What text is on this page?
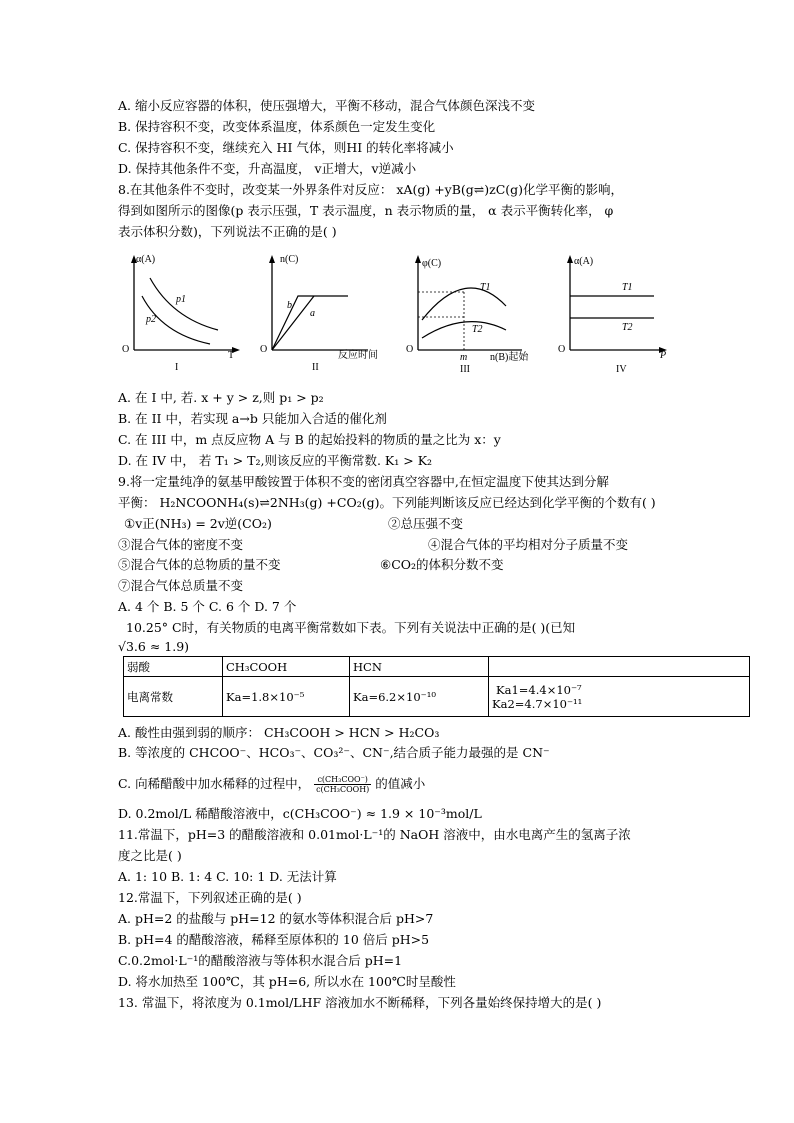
A. 缩小反应容器的体积，使压强增大，平衡不移动，混合气体颜色深浅不变
B. 保持容积不变，改变体系温度，体系颜色一定发生变化
C. 保持容积不变，继续充入 HI 气体，则HI 的转化率将减小
D. 保持其他条件不变，升高温度， v正增大，v逆减小
8.在其他条件不变时，改变某一外界条件对反应： xA(g) +yB(g⇌)zC(g)化学平衡的影响，
得到如图所示的图像(p 表示压强，T 表示温度，n 表示物质的量， α 表示平衡转化率， φ
表示体积分数)，下列说法不正确的是( )
α(A)
O
T
p1
p2
I
n(C)
O
反应时间
b
a
II
φ(C)
O
m n(B)起始
T1
T2
III
α(A)
O
P
T1
T2
IV
A. 在 I 中, 若. x + y > z,则 p₁ > p₂
B. 在 II 中，若实现 a→b 只能加入合适的催化剂
C. 在 III 中，m 点反应物 A 与 B 的起始投料的物质的量之比为 x：y
D. 在 IV 中， 若 T₁ > T₂,则该反应的平衡常数. K₁ > K₂
9.将一定量纯净的氨基甲酸铵置于体积不变的密闭真空容器中,在恒定温度下使其达到分解
平衡： H₂NCOONH₄(s)⇌2NH₃(g) +CO₂(g)。下列能判断该反应已经达到化学平衡的个数有( )
①v正(NH₃) = 2v逆(CO₂)	②总压强不变
③混合气体的密度不变	④混合气体的平均相对分子质量不变
⑤混合气体的总物质的量不变	⑥CO₂的体积分数不变
⑦混合气体总质量不变
A. 4 个 B. 5 个 C. 6 个 D. 7 个
10.25° C时，有关物质的电离平衡常数如下表。下列有关说法中正确的是( )(已知
√3.6 ≈ 1.9)
弱酸	CH₃COOH	HCN	
电离常数	Ka=1.8×10⁻⁵	Ka=6.2×10⁻¹⁰	Ka1=4.4×10⁻⁷
Ka2=4.7×10⁻¹¹
A. 酸性由强到弱的顺序： CH₃COOH > HCN > H₂CO₃
B. 等浓度的 CHCOO⁻、HCO₃⁻、CO₃²⁻、CN⁻,结合质子能力最强的是 CN⁻
C. 向稀醋酸中加水稀释的过程中， $\frac{\text{c(CH₃COO⁻)}}{\text{c(CH₃COOH)}}$ 的值减小
D. 0.2mol/L 稀醋酸溶液中，c(CH₃COO⁻) ≈ 1.9 × 10⁻³mol/L
11.常温下，pH=3 的醋酸溶液和 0.01mol·L⁻¹的 NaOH 溶液中，由水电离产生的氢离子浓
度之比是( )
A. 1: 10 B. 1: 4 C. 10: 1 D. 无法计算
12.常温下，下列叙述正确的是( )
A. pH=2 的盐酸与 pH=12 的氨水等体积混合后 pH>7
B. pH=4 的醋酸溶液，稀释至原体积的 10 倍后 pH>5
C.0.2mol·L⁻¹的醋酸溶液与等体积水混合后 pH=1
D. 将水加热至 100℃，其 pH=6, 所以水在 100℃时呈酸性
13. 常温下，将浓度为 0.1mol/LHF 溶液加水不断稀释，下列各量始终保持增大的是( )
